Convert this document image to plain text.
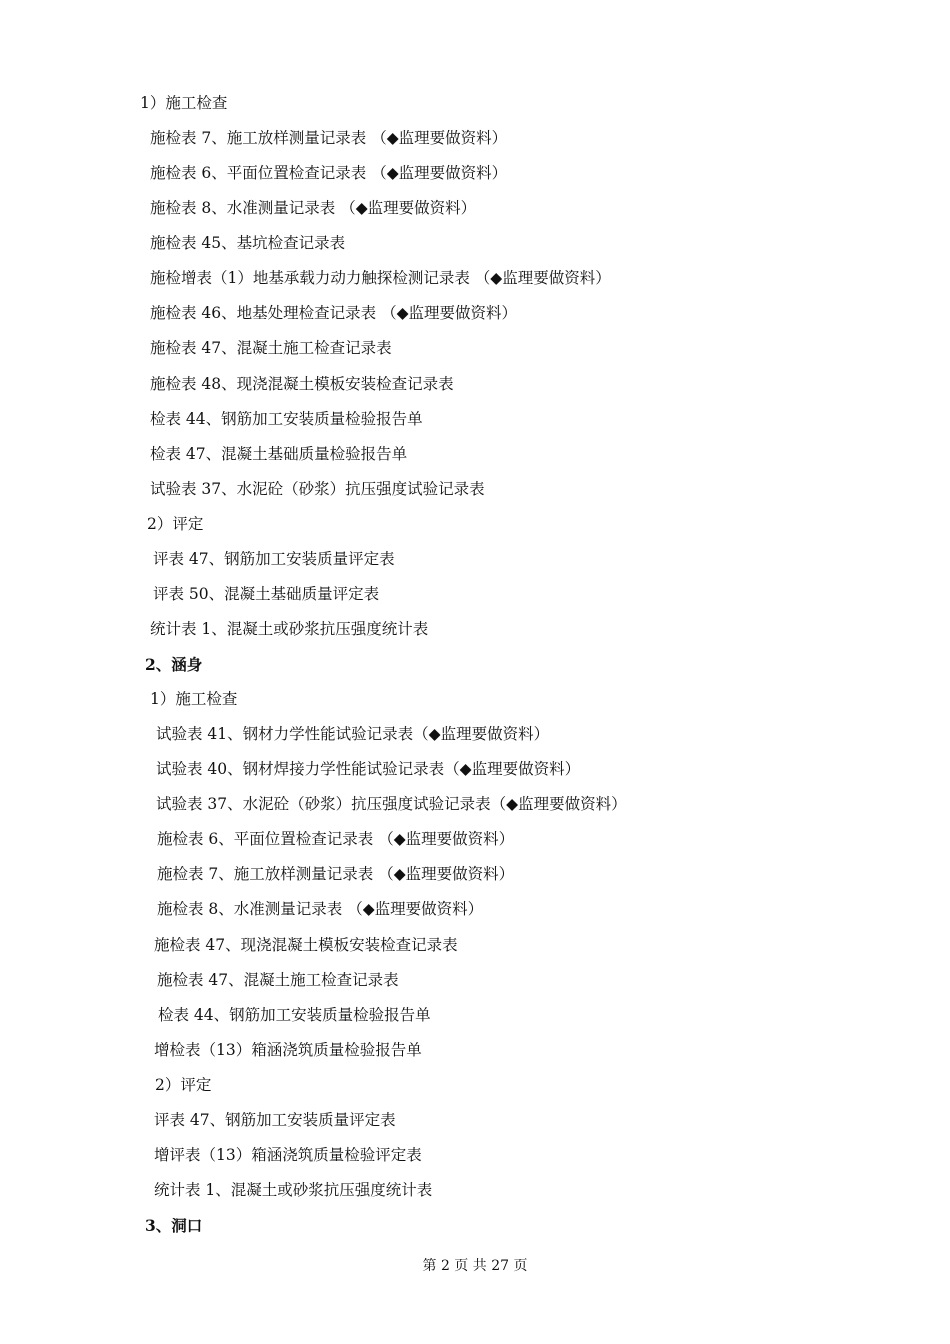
1）施工检查
施检表 7、施工放样测量记录表 （◆监理要做资料）
施检表 6、平面位置检查记录表 （◆监理要做资料）
施检表 8、水准测量记录表 （◆监理要做资料）
施检表 45、基坑检查记录表
施检增表（1）地基承载力动力触探检测记录表 （◆监理要做资料）
施检表 46、地基处理检查记录表 （◆监理要做资料）
施检表 47、混凝土施工检查记录表
施检表 48、现浇混凝土模板安装检查记录表
检表 44、钢筋加工安装质量检验报告单
检表 47、混凝土基础质量检验报告单
试验表 37、水泥砼（砂浆）抗压强度试验记录表
2）评定
评表 47、钢筋加工安装质量评定表
评表 50、混凝土基础质量评定表
统计表 1、混凝土或砂浆抗压强度统计表
2、涵身
1）施工检查
试验表 41、钢材力学性能试验记录表（◆监理要做资料）
试验表 40、钢材焊接力学性能试验记录表（◆监理要做资料）
试验表 37、水泥砼（砂浆）抗压强度试验记录表（◆监理要做资料）
施检表 6、平面位置检查记录表 （◆监理要做资料）
施检表 7、施工放样测量记录表 （◆监理要做资料）
施检表 8、水准测量记录表 （◆监理要做资料）
施检表 47、现浇混凝土模板安装检查记录表
施检表 47、混凝土施工检查记录表
检表 44、钢筋加工安装质量检验报告单
增检表（13）箱涵浇筑质量检验报告单
2）评定
评表 47、钢筋加工安装质量评定表
增评表（13）箱涵浇筑质量检验评定表
统计表 1、混凝土或砂浆抗压强度统计表
3、洞口
第 2 页 共 27 页
